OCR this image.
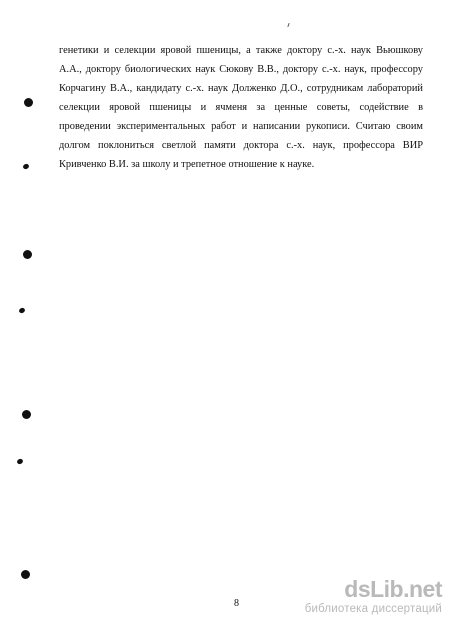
генетики и селекции яровой пшеницы, а также доктору с.-х. наук Вьюшкову
А.А., доктору биологических наук Сюкову В.В., доктору с.-х. наук, профессору
Корчагину В.А., кандидату с.-х. наук Долженко Д.О., сотрудникам лабораторий
селекции яровой пшеницы и ячменя за ценные советы, содействие в
проведении экспериментальных работ и написании рукописи. Считаю своим
долгом поклониться светлой памяти доктора с.-х. наук, профессора ВИР
Кривченко В.И. за школу и трепетное отношение к науке.
8
dsLib.net
библиотека диссертаций
